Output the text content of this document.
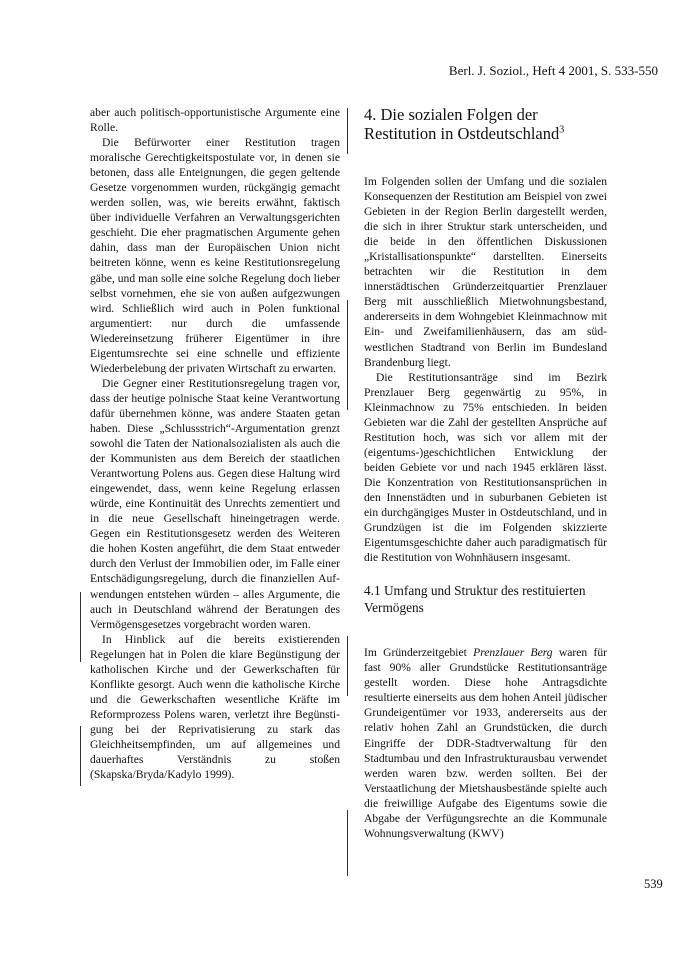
Berl. J. Soziol., Heft 4 2001, S. 533-550

aber auch politisch-opportunistische Argumente eine Rolle.

Die Befürworter einer Restitution tragen moralische Gerechtigkeitspostulate vor, in denen sie betonen, dass alle Enteignungen, die gegen geltende Gesetze vorgenommen wurden, rückgängig gemacht werden sollen, was, wie bereits erwähnt, faktisch über individuelle Verfahren an Verwaltungsgerichten geschieht. Die eher pragmatischen Argumente gehen dahin, dass man der Europäischen Union nicht beitreten könne, wenn es keine Restitutionsregelung gäbe, und man solle eine solche Regelung doch lieber selbst vornehmen, ehe sie von außen aufgezwungen wird. Schließlich wird auch in Polen funktional argumentiert: nur durch die umfassende Wiedereinsetzung früherer Eigentümer in ihre Eigentumsrechte sei eine schnelle und effiziente Wiederbelebung der privaten Wirtschaft zu erwarten.

Die Gegner einer Restitutionsregelung tragen vor, dass der heutige polnische Staat keine Verantwortung dafür übernehmen könne, was andere Staaten getan haben. Diese „Schlussstrich“-Argumentation grenzt sowohl die Taten der Nationalsozialisten als auch die der Kommunisten aus dem Bereich der staatlichen Verantwortung Polens aus. Gegen diese Haltung wird eingewendet, dass, wenn keine Regelung erlassen würde, eine Kontinuität des Unrechts zementiert und in die neue Gesellschaft hineingetragen werde. Gegen ein Restitutionsgesetz werden des Weiteren die hohen Kosten angeführt, die dem Staat entweder durch den Verlust der Immobilien oder, im Falle einer Entschädigungsregelung, durch die finanziellen Aufwendungen entstehen würden – alles Argumente, die auch in Deutschland während der Beratungen des Vermögensgesetzes vorgebracht worden waren.

In Hinblick auf die bereits existierenden Regelungen hat in Polen die klare Begünstigung der katholischen Kirche und der Gewerkschaften für Konflikte gesorgt. Auch wenn die katholische Kirche und die Gewerkschaften wesentliche Kräfte im Reformprozess Polens waren, verletzt ihre Begünstigung bei der Reprivatisierung zu stark das Gleichheitsempfinden, um auf allgemeines und dauerhaftes Verständnis zu stoßen (Skapska/Bryda/Kadylo 1999).

4. Die sozialen Folgen der Restitution in Ostdeutschland$^3$

Im Folgenden sollen der Umfang und die sozialen Konsequenzen der Restitution am Beispiel von zwei Gebieten in der Region Berlin dargestellt werden, die sich in ihrer Struktur stark unterscheiden, und die beide in den öffentlichen Diskussionen „Kristallisationspunkte“ darstellten. Einerseits betrachten wir die Restitution in dem innerstädtischen Gründerzeitquartier Prenzlauer Berg mit ausschließlich Mietwohnungsbestand, andererseits in dem Wohngebiet Kleinmachnow mit Ein- und Zweifamilienhäusern, das am südwestlichen Stadtrand von Berlin im Bundesland Brandenburg liegt.

Die Restitutionsanträge sind im Bezirk Prenzlauer Berg gegenwärtig zu 95%, in Kleinmachnow zu 75% entschieden. In beiden Gebieten war die Zahl der gestellten Ansprüche auf Restitution hoch, was sich vor allem mit der (eigentums-)geschichtlichen Entwicklung der beiden Gebiete vor und nach 1945 erklären lässt. Die Konzentration von Restitutionsansprüchen in den Innenstädten und in suburbanen Gebieten ist ein durchgängiges Muster in Ostdeutschland, und in Grundzügen ist die im Folgenden skizzierte Eigentumsgeschichte daher auch paradigmatisch für die Restitution von Wohnhäusern insgesamt.

4.1 Umfang und Struktur des restituierten Vermögens

Im Gründerzeitgebiet Prenzlauer Berg waren für fast 90% aller Grundstücke Restitutionsanträge gestellt worden. Diese hohe Antragsdichte resultierte einerseits aus dem hohen Anteil jüdischer Grundeigentümer vor 1933, andererseits aus der relativ hohen Zahl an Grundstücken, die durch Eingriffe der DDR-Stadtverwaltung für den Stadtumbau und den Infrastrukturausbau verwendet werden waren bzw. werden sollten. Bei der Verstaatlichung der Mietshausbestände spielte auch die freiwillige Aufgabe des Eigentums sowie die Abgabe der Verfügungsrechte an die Kommunale Wohnungsverwaltung (KWV)

539
